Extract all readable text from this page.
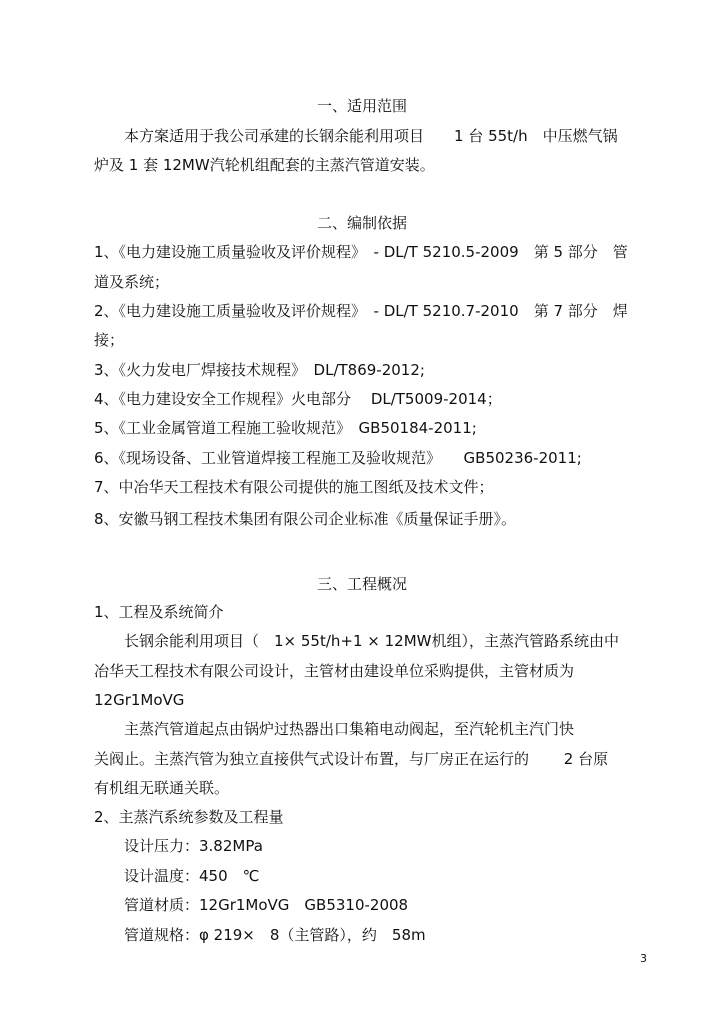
一、适用范围

本方案适用于我公司承建的长钢余能利用项目　　1 台 55t/h　中压燃气锅

炉及 1 套 12MW汽轮机组配套的主蒸汽管道安装。

二、编制依据

1、《电力建设施工质量验收及评价规程》　- DL/T 5210.5-2009　第 5 部分　管

道及系统；

2、《电力建设施工质量验收及评价规程》　- DL/T 5210.7-2010　第 7 部分　焊

接；

3、《火力发电厂焊接技术规程》　DL/T869-2012;

4、《电力建设安全工作规程》火电部分　 DL/T5009-2014；

5、《工业金属管道工程施工验收规范》　GB50184-2011;

6、《现场设备、工业管道焊接工程施工及验收规范》　　GB50236-2011;

7、中冶华天工程技术有限公司提供的施工图纸及技术文件；

8、安徽马钢工程技术集团有限公司企业标准《质量保证手册》。

三、工程概况

1、工程及系统简介

长钢余能利用项目（　1× 55t/h+1 × 12MW机组），主蒸汽管路系统由中

冶华天工程技术有限公司设计，主管材由建设单位采购提供，主管材质为

12Gr1MoVG

主蒸汽管道起点由锅炉过热器出口集箱电动阀起，至汽轮机主汽门快

关阀止。主蒸汽管为独立直接供气式设计布置，与厂房正在运行的　　 2 台原

有机组无联通关联。

2、主蒸汽系统参数及工程量

设计压力：3.82MPa

设计温度：450　℃

管道材质：12Gr1MoVG　GB5310-2008

管道规格：φ 219×　8（主管路），约　58m

3
